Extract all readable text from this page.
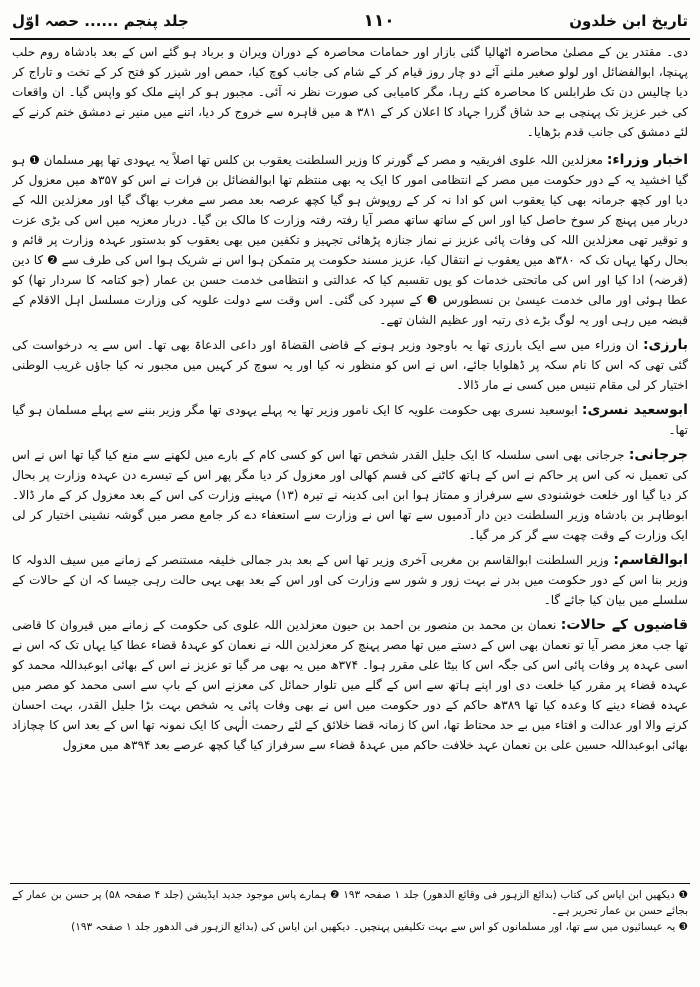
تاریخ ابن خلدون
۱۱۰
جلد پنجم ...... حصہ اوّل

دی۔ مقتدر ین کے مصلیٰ محاصرہ اٹھالیا گئی بازار اور حمامات محاصرہ کے دوران ویران و برباد ہو گئے اس کے بعد بادشاہ روم حلب پہنچا، ابوالفضائل اور لولو صغیر ملنے آئے دو چار روز قیام کر کے شام کی جانب کوچ کیا، حمص اور شیزر کو فتح کر کے تخت و تاراج کر دیا چالیس دن تک طرابلس کا محاصرہ کئے رہا، مگر کامیابی کی صورت نظر نہ آئی۔ مجبور ہو کر اپنے ملک کو واپس گیا۔ ان واقعات کی خبر عزیز تک پہنچی بے حد شاق گزرا جہاد کا اعلان کر کے ۳۸۱ ھ میں قاہرہ سے خروج کر دیا، اتنے میں منیر نے دمشق ختم کرنے کے لئے دمشق کی جانب قدم بڑھایا۔

اخبار وزراء: معزلدین اللہ علوی افریقیہ و مصر کے گورنر کا وزیر السلطنت یعقوب بن کلس تھا اصلاً یہ یہودی تھا پھر مسلمان ❶ ہو گیا اخشید یہ کے دور حکومت میں مصر کے انتظامی امور کا ایک یہ بھی منتظم تھا ابوالفضائل بن فرات نے اس کو ۳۵۷ھ میں معزول کر دیا اور کچھ جرمانہ بھی کیا یعقوب اس کو ادا نہ کر کے روپوش ہو گیا کچھ عرصہ بعد مصر سے مغرب بھاگ گیا اور معزلدین اللہ کے دربار میں پہنچ کر سوخ حاصل کیا اور اس کے ساتھ ساتھ مصر آیا رفتہ رفتہ وزارت کا مالک بن گیا۔ دربار معزیہ میں اس کی بڑی عزت و توقیر تھی معزلدین اللہ کی وفات پائی عزیز نے نماز جنازہ پڑھائی تجہیز و تکفین میں بھی یعقوب کو بدستور عہدہ وزارت پر قائم و بحال رکھا یہاں تک کہ ۳۸۰ھ میں یعقوب نے انتقال کیا، عزیز مسند حکومت پر متمکن ہوا اس نے شریک ہوا اس کی طرف سے ❷ کا دین (قرضہ) ادا کیا اور اس کی ماتحتی خدمات کو یوں تقسیم کیا کہ عدالتی و انتظامی خدمت حسن بن عمار (جو کتامہ کا سردار تھا) کو عطا ہوئی اور مالی خدمت عیسیٰ بن نسطورس ❸ کے سپرد کی گئی۔ اس وقت سے دولت علویہ کی وزارت مسلسل اہل الاقلام کے قبضہ میں رہی اور یہ لوگ بڑے ذی رتبہ اور عظیم الشان تھے۔

بارزی: ان وزراء میں سے ایک بارزی تھا یہ باوجود وزیر ہونے کے قاضی القضاۃ اور داعی الدعاۃ بھی تھا۔ اس سے یہ درخواست کی گئی تھی کہ اس کا نام سکہ پر ڈھلوایا جائے، اس نے اس کو منظور نہ کیا اور یہ سوچ کر کہیں میں مجبور نہ کیا جاؤں غریب الوطنی اختیار کر لی مقام تنیس میں کسی نے مار ڈالا۔

ابوسعید نسری: ابوسعید نسری بھی حکومت علویہ کا ایک نامور وزیر تھا یہ پہلے یہودی تھا مگر وزیر بننے سے پہلے مسلمان ہو گیا تھا۔

جرجانی: جرجانی بھی اسی سلسلہ کا ایک جلیل القدر شخص تھا اس کو کسی کام کے بارے میں لکھنے سے منع کیا گیا تھا اس نے اس کی تعمیل نہ کی اس پر حاکم نے اس کے ہاتھ کاٹنے کی قسم کھالی اور معزول کر دیا مگر پھر اس کے تیسرے دن عہدہ وزارت پر بحال کر دیا گیا اور خلعت خوشنودی سے سرفراز و ممتاز ہوا ابن ابی کدینہ نے تیرہ (۱۳) مہینے وزارت کی اس کے بعد معزول کر کے مار ڈالا۔ ابوطاہر بن بادشاہ وزیر السلطنت دین دار آدمیوں سے تھا اس نے وزارت سے استعفاء دے کر جامع مصر میں گوشہ نشینی اختیار کر لی ایک وزارت کے وقت چھت سے گر کر مر گیا۔

ابوالقاسم: وزیر السلطنت ابوالقاسم بن مغربی آخری وزیر تھا اس کے بعد بدر جمالی خلیفہ مستنصر کے زمانے میں سیف الدولہ کا وزیر بنا اس کے دور حکومت میں بدر نے بہت زور و شور سے وزارت کی اور اس کے بعد بھی یہی حالت رہی جیسا کہ ان کے حالات کے سلسلے میں بیان کیا جائے گا۔

قاضیوں کے حالات: نعمان بن محمد بن منصور بن احمد بن حیون معزلدین اللہ علوی کی حکومت کے زمانے میں قیروان کا قاضی تھا جب معز مصر آیا تو نعمان بھی اس کے دستے میں تھا مصر پہنچ کر معزلدین اللہ نے نعمان کو عہدۂ قضاء عطا کیا یہاں تک کہ اس نے اسی عہدہ پر وفات پائی اس کی جگہ اس کا بیٹا علی مقرر ہوا۔ ۳۷۴ھ میں یہ بھی مر گیا تو عزیز نے اس کے بھائی ابوعبداللہ محمد کو عہدہ قضاء پر مقرر کیا خلعت دی اور اپنے ہاتھ سے اس کے گلے میں تلوار حمائل کی معزنے اس کے باپ سے اسی محمد کو مصر میں عہدہ قضاء دینے کا وعدہ کیا تھا ۳۸۹ھ حاکم کے دور حکومت میں اس نے بھی وفات پائی یہ شخص بہت بڑا جلیل القدر، بہت احسان کرنے والا اور عدالت و افتاء میں بے حد محتاط تھا، اس کا زمانہ قضا خلائق کے لئے رحمت الٰہی کا ایک نمونہ تھا اس کے بعد اس کا چچازاد بھائی ابوعبداللہ حسین علی بن نعمان عہد خلافت حاکم میں عہدۂ قضاء سے سرفراز کیا گیا کچھ عرصے بعد ۳۹۴ھ میں معزول

❶ دیکھیں ابن ایاس کی کتاب (بدائع الزہور فی وقائع الدھور) جلد ۱ صفحہ ۱۹۳ ❷ ہمارے پاس موجود جدید ایڈیشن (جلد ۴ صفحہ ۵۸) پر حسن بن عمار کے بجائے حسن بن عمار تحریر ہے۔

❸ یہ عیسائیوں میں سے تھا، اور مسلمانوں کو اس سے بہت تکلیفیں پہنچیں۔ دیکھیں ابن ایاس کی (بدائع الزہور فی الدھور جلد ۱ صفحہ ۱۹۳)
